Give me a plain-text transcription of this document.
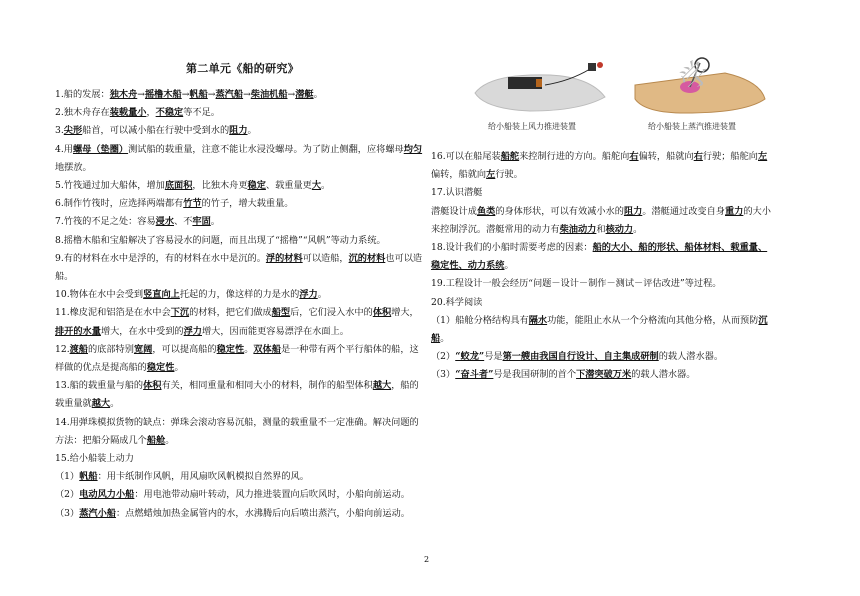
第二单元《船的研究》
1.船的发展：独木舟→摇橹木船→帆船→蒸汽船→柴油机船→潜艇。
2.独木舟存在装载量小，不稳定等不足。
3.尖形船首，可以减小船在行驶中受到水的阻力。
4.用螺母（垫圈）测试船的载重量，注意不能让水浸没螺母。为了防止侧翻，应将螺母均匀地摆放。
5.竹筏通过加大船体，增加底面积，比独木舟更稳定、载重量更大。
6.制作竹筏时，应选择两端都有竹节的竹子，增大载重量。
7.竹筏的不足之处：容易浸水、不牢固。
8.摇橹木船和宝船解决了容易浸水的问题，而且出现了“摇橹”“风帆”等动力系统。
9.有的材料在水中是浮的，有的材料在水中是沉的。浮的材料可以造船，沉的材料也可以造船。
10.物体在水中会受到竖直向上托起的力，像这样的力是水的浮力。
11.橡皮泥和铝箔是在水中会下沉的材料，把它们做成船型后，它们浸入水中的体积增大，排开的水量增大，在水中受到的浮力增大，因而能更容易漂浮在水面上。
12.渡船的底部特别宽阔，可以提高船的稳定性。双体船是一种带有两个平行船体的船，这样做的优点是提高船的稳定性。
13.船的载重量与船的体积有关，相同重量和相同大小的材料，制作的船型体积越大，船的载重量就越大。
14.用弹珠模拟货物的缺点：弹珠会滚动容易沉船，测量的载重量不一定准确。解决问题的方法：把船分隔成几个船舱。
15.给小船装上动力
（1）帆船：用卡纸制作风帆，用风扇吹风帆模拟自然界的风。
（2）电动风力小船：用电池带动扇叶转动，风力推进装置向后吹风时，小船向前运动。
（3）蒸汽小船：点燃蜡烛加热金属管内的水，水沸腾后向后喷出蒸汽，小船向前运动。
给小船装上风力推进装置	给小船装上蒸汽推进装置
学
16.可以在船尾装船舵来控制行进的方向。船舵向右偏转，船就向右行驶；船舵向左偏转，船就向左行驶。
17.认识潜艇
潜艇设计成鱼类的身体形状，可以有效减小水的阻力。潜艇通过改变自身重力的大小来控制浮沉。潜艇常用的动力有柴油动力和核动力。
18.设计我们的小船时需要考虑的因素：船的大小、船的形状、船体材料、载重量、稳定性、动力系统。
19.工程设计一般会经历“问题－设计－制作－测试－评估改进”等过程。
20.科学阅读
（1）船舱分格结构具有隔水功能，能阻止水从一个分格流向其他分格，从而预防沉船。
（2）“蛟龙”号是第一艘由我国自行设计、自主集成研制的载人潜水器。
（3）“奋斗者”号是我国研制的首个下潜突破万米的载人潜水器。
2
